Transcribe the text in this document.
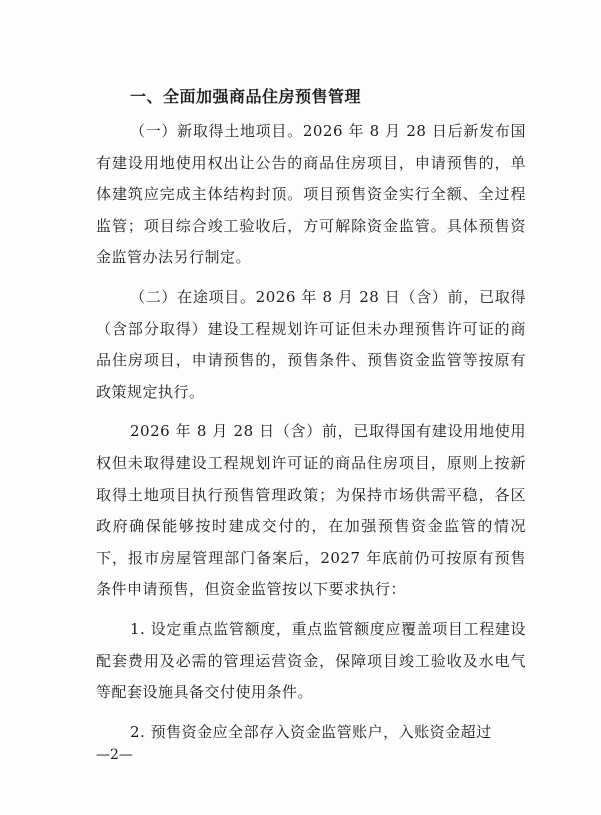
一、全面加强商品住房预售管理

（一）新取得土地项目。2026 年 8 月 28 日后新发布国有建设用地使用权出让公告的商品住房项目，申请预售的，单体建筑应完成主体结构封顶。项目预售资金实行全额、全过程监管；项目综合竣工验收后，方可解除资金监管。具体预售资金监管办法另行制定。

（二）在途项目。2026 年 8 月 28 日（含）前，已取得（含部分取得）建设工程规划许可证但未办理预售许可证的商品住房项目，申请预售的，预售条件、预售资金监管等按原有政策规定执行。

2026 年 8 月 28 日（含）前，已取得国有建设用地使用权但未取得建设工程规划许可证的商品住房项目，原则上按新取得土地项目执行预售管理政策；为保持市场供需平稳，各区政府确保能够按时建成交付的，在加强预售资金监管的情况下，报市房屋管理部门备案后，2027 年底前仍可按原有预售条件申请预售，但资金监管按以下要求执行：

1. 设定重点监管额度，重点监管额度应覆盖项目工程建设配套费用及必需的管理运营资金，保障项目竣工验收及水电气等配套设施具备交付使用条件。

2. 预售资金应全部存入资金监管账户，入账资金超过

—2—
